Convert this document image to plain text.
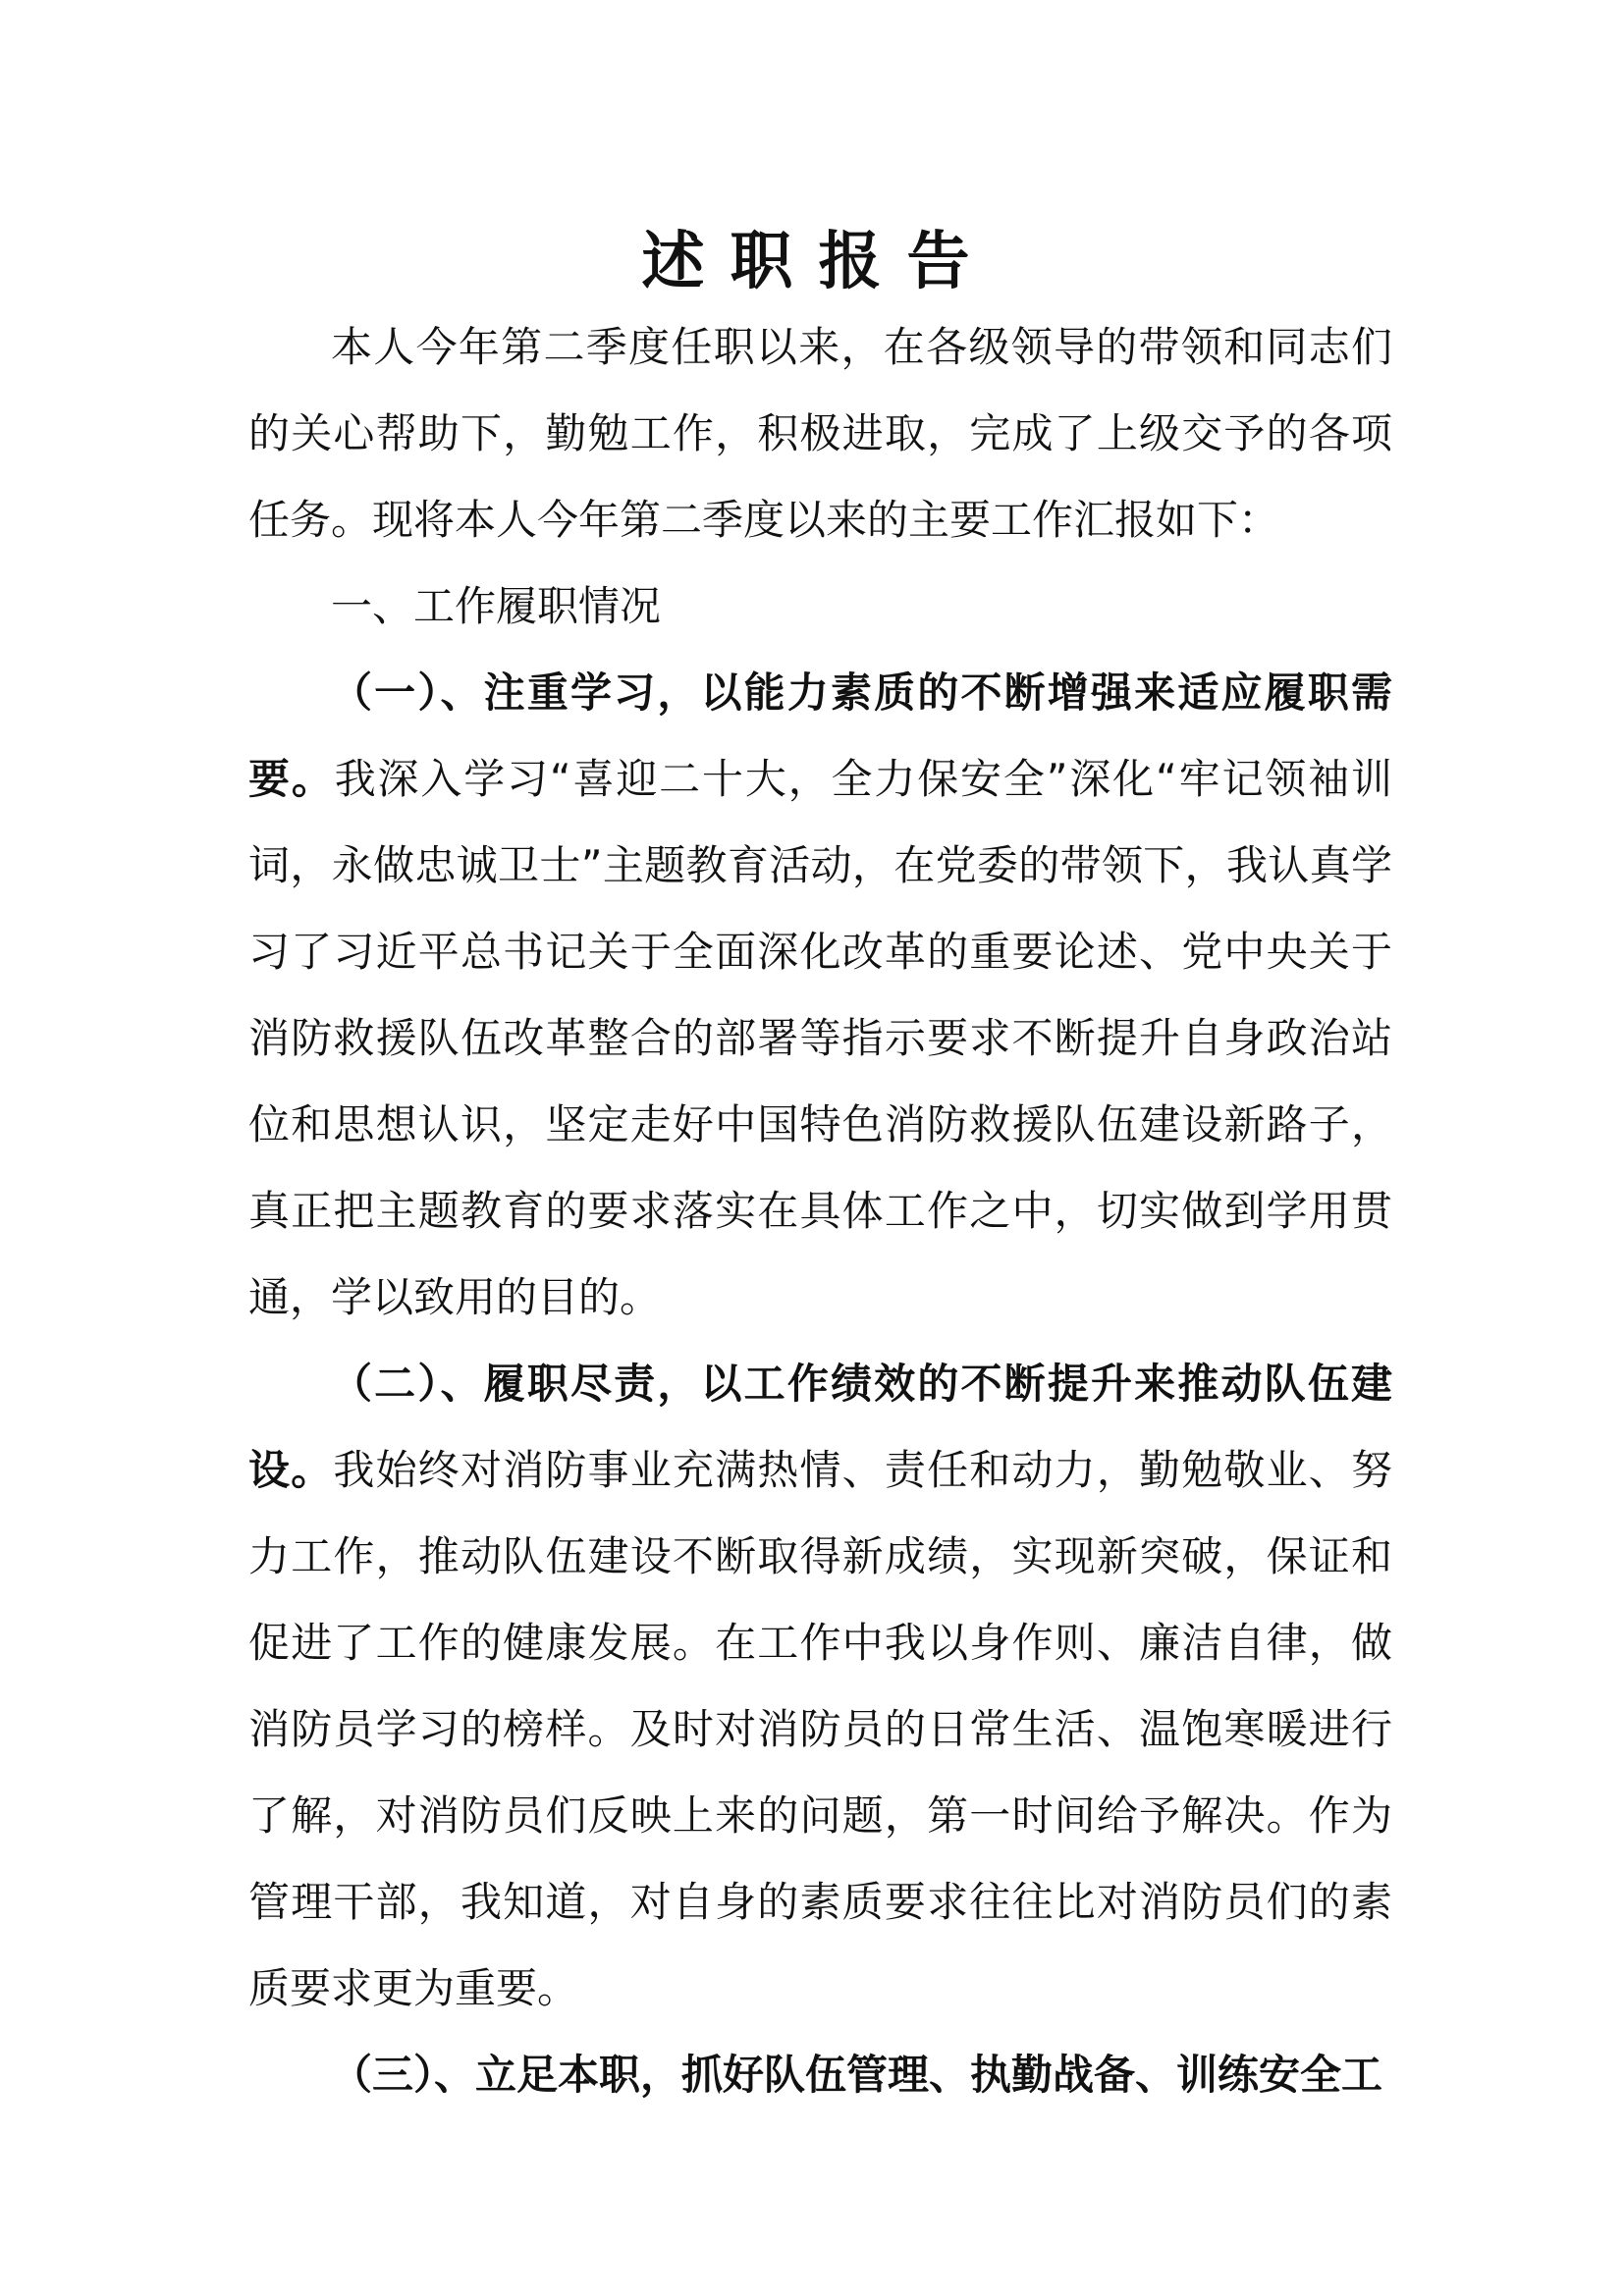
述职报告

本人今年第二季度任职以来，在各级领导的带领和同志们的关心帮助下，勤勉工作，积极进取，完成了上级交予的各项任务。现将本人今年第二季度以来的主要工作汇报如下：

一、工作履职情况

（一）、注重学习，以能力素质的不断增强来适应履职需要。我深入学习“喜迎二十大，全力保安全”深化“牢记领袖训词，永做忠诚卫士”主题教育活动，在党委的带领下，我认真学习了习近平总书记关于全面深化改革的重要论述、党中央关于消防救援队伍改革整合的部署等指示要求不断提升自身政治站位和思想认识，坚定走好中国特色消防救援队伍建设新路子，真正把主题教育的要求落实在具体工作之中，切实做到学用贯通，学以致用的目的。

（二）、履职尽责，以工作绩效的不断提升来推动队伍建设。我始终对消防事业充满热情、责任和动力，勤勉敬业、努力工作，推动队伍建设不断取得新成绩，实现新突破，保证和促进了工作的健康发展。在工作中我以身作则、廉洁自律，做消防员学习的榜样。及时对消防员的日常生活、温饱寒暖进行了解，对消防员们反映上来的问题，第一时间给予解决。作为管理干部，我知道，对自身的素质要求往往比对消防员们的素质要求更为重要。

（三）、立足本职，抓好队伍管理、执勤战备、训练安全工
